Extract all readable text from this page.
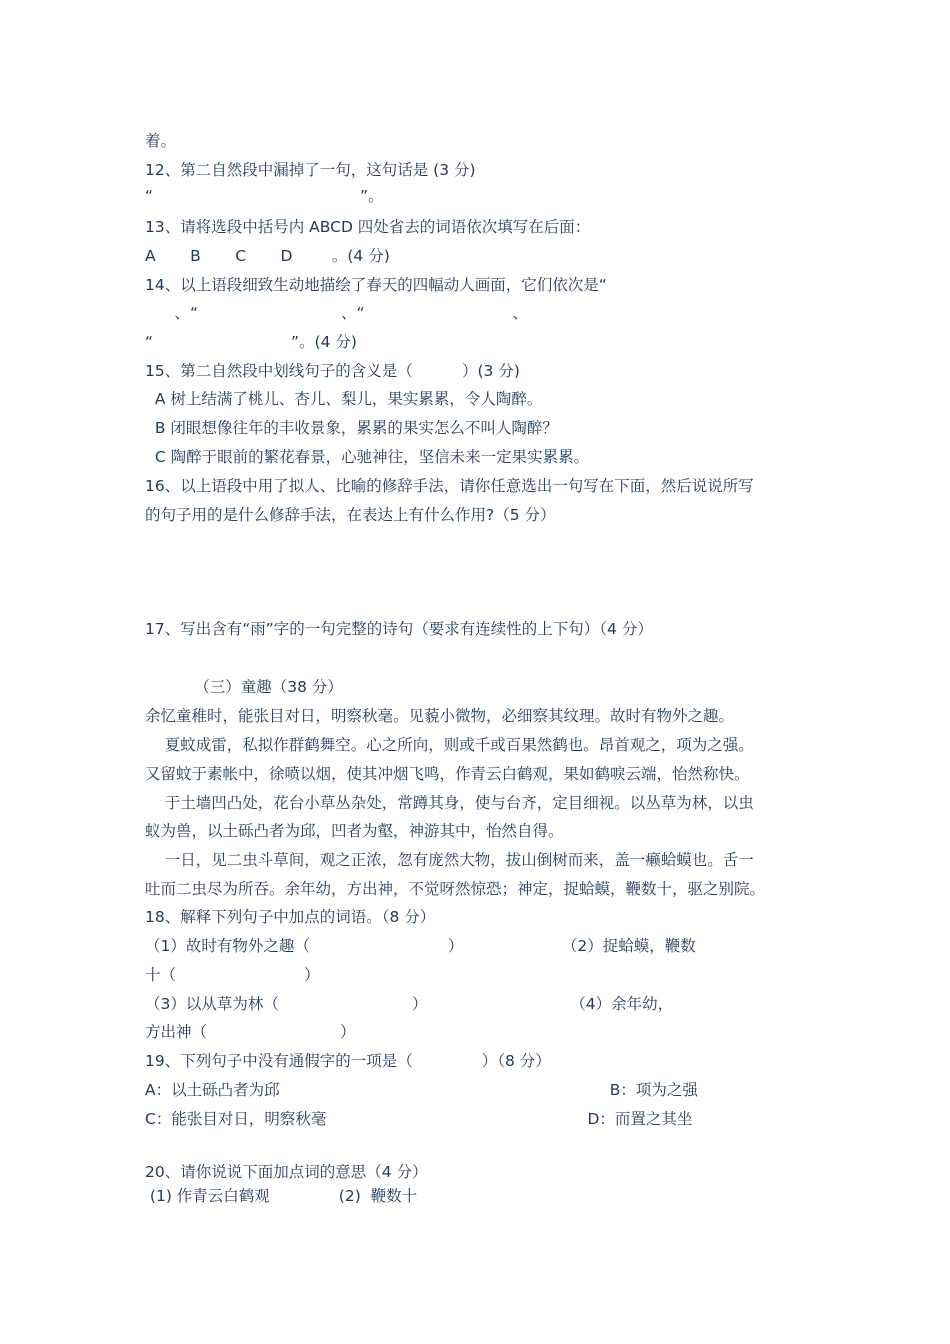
着。
12、第二自然段中漏掉了一句，这句话是 (3 分)
“                                          ”。
13、请将选段中括号内 ABCD 四处省去的词语依次填写在后面：
A       B       C       D        。(4 分)
14、以上语段细致生动地描绘了春天的四幅动人画面，它们依次是“
、“                             、“                              、
“                            ”。(4 分)
15、第二自然段中划线句子的含义是（          ）(3 分)
A 树上结满了桃儿、杏儿、梨儿，果实累累，令人陶醉。
B 闭眼想像往年的丰收景象，累累的果实怎么不叫人陶醉？
C 陶醉于眼前的繁花春景，心驰神往，坚信未来一定果实累累。
16、以上语段中用了拟人、比喻的修辞手法，请你任意选出一句写在下面，然后说说所写
的句子用的是什么修辞手法，在表达上有什么作用?（5 分）
17、写出含有“雨”字的一句完整的诗句（要求有连续性的上下句）（4 分）
（三）童趣（38 分）
余忆童稚时，能张目对日，明察秋毫。见藐小微物，必细察其纹理。故时有物外之趣。
夏蚊成雷，私拟作群鹤舞空。心之所向，则或千或百果然鹤也。昂首观之，项为之强。
又留蚊于素帐中，徐喷以烟，使其冲烟飞鸣，作青云白鹤观，果如鹤唳云端，怡然称快。
于土墙凹凸处，花台小草丛杂处，常蹲其身，使与台齐，定目细视。以丛草为林，以虫
蚁为兽，以土砾凸者为邱，凹者为壑，神游其中，怡然自得。
一日，见二虫斗草间，观之正浓，忽有庞然大物，拔山倒树而来，盖一癞蛤蟆也。舌一
吐而二虫尽为所吞。余年幼，方出神，不觉呀然惊恐；神定，捉蛤蟆，鞭数十，驱之别院。
18、解释下列句子中加点的词语。（8 分）
（1）故时有物外之趣（                            ）                    （2）捉蛤蟆，鞭数
十（                          ）
（3）以从草为林（                           ）                             （4）余年幼，
方出神（                           ）
19、下列句子中没有通假字的一项是（              ）（8 分）
A：以土砾凸者为邱                                                                   B：项为之强
C：能张目对日，明察秋毫                                                     D：而置之其坐
20、请你说说下面加点词的意思（4 分）
(1) 作青云白鹤观              (2)  鞭数十
